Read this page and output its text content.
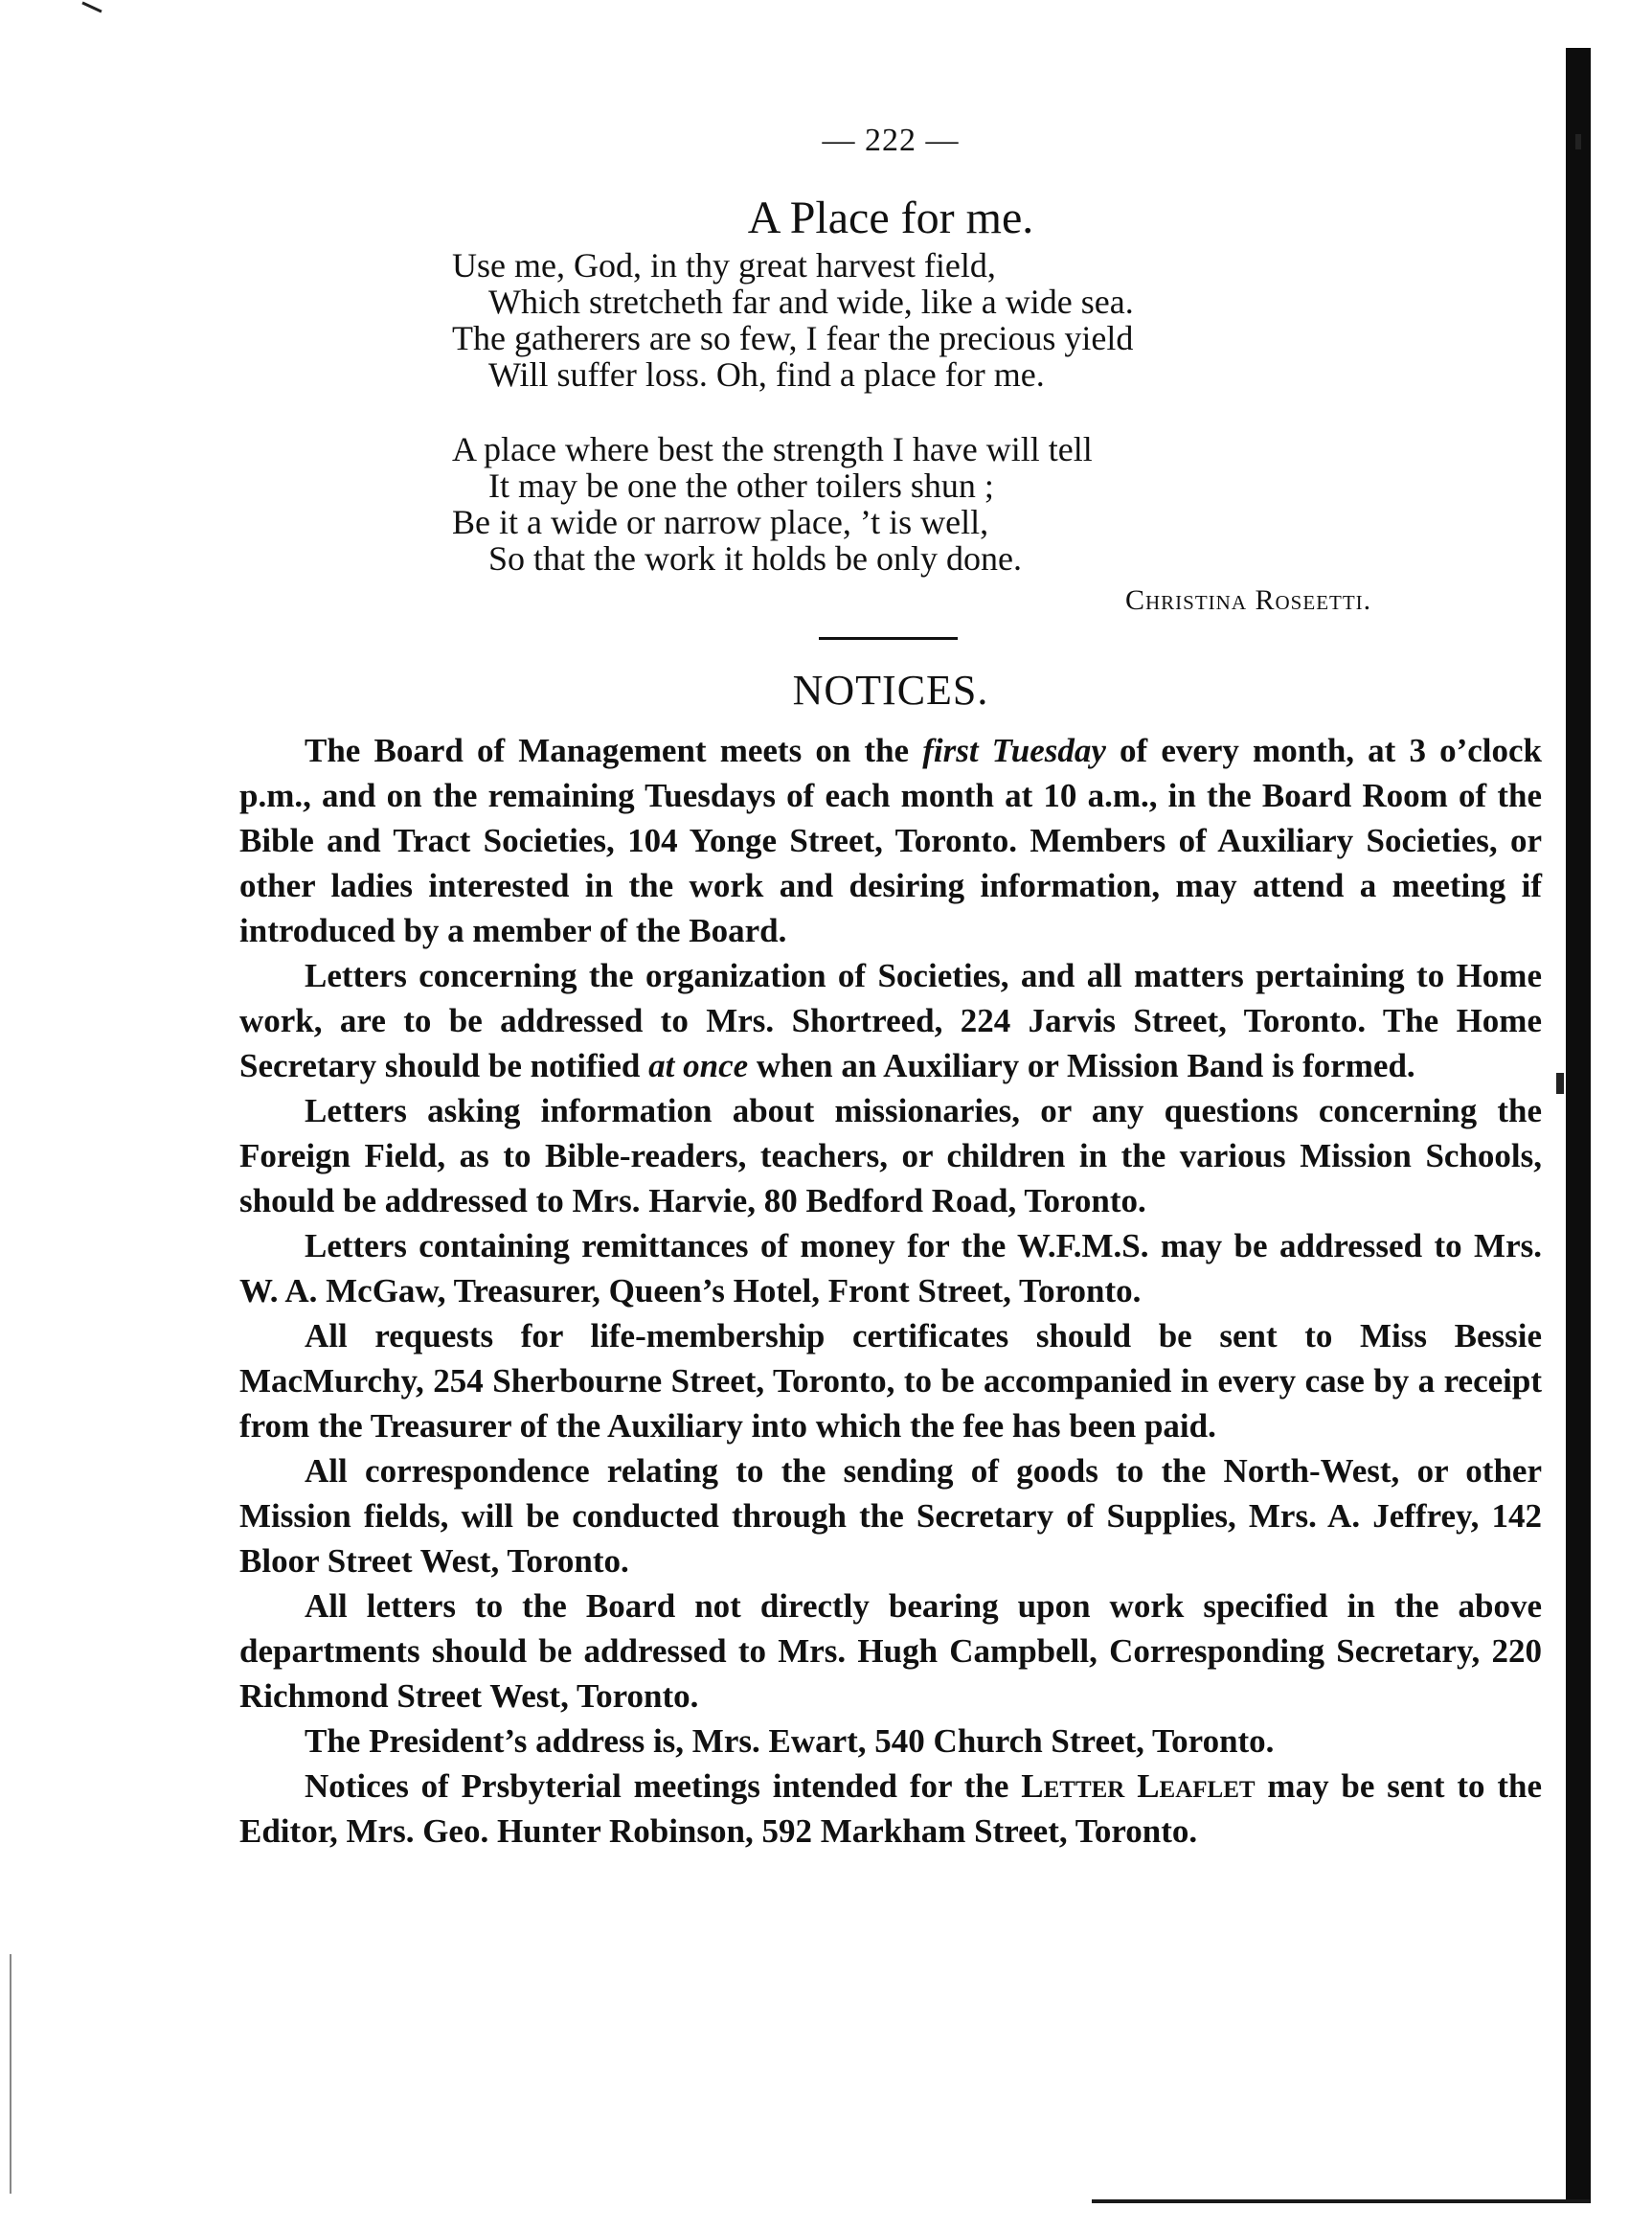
— 222 —
A Place for me.
Use me, God, in thy great harvest field,
Which stretcheth far and wide, like a wide sea.
The gatherers are so few, I fear the precious yield
Will suffer loss. Oh, find a place for me.
A place where best the strength I have will tell
It may be one the other toilers shun ;
Be it a wide or narrow place, ’t is well,
So that the work it holds be only done.
Christina Roseetti.
NOTICES.

The Board of Management meets on the first Tuesday of every month, at 3 o’clock p.m., and on the remaining Tuesdays of each month at 10 a.m., in the Board Room of the Bible and Tract Societies, 104 Yonge Street, Toronto. Members of Auxiliary Societies, or other ladies interested in the work and desiring information, may attend a meeting if introduced by a member of the Board.

Letters concerning the organization of Societies, and all matters pertaining to Home work, are to be addressed to Mrs. Shortreed, 224 Jarvis Street, Toronto. The Home Secretary should be notified at once when an Auxiliary or Mission Band is formed.

Letters asking information about missionaries, or any questions concerning the Foreign Field, as to Bible-readers, teachers, or children in the various Mission Schools, should be addressed to Mrs. Harvie, 80 Bedford Road, Toronto.

Letters containing remittances of money for the W.F.M.S. may be addressed to Mrs. W. A. McGaw, Treasurer, Queen’s Hotel, Front Street, Toronto.

All requests for life-membership certificates should be sent to Miss Bessie MacMurchy, 254 Sherbourne Street, Toronto, to be accompanied in every case by a receipt from the Treasurer of the Auxiliary into which the fee has been paid.

All correspondence relating to the sending of goods to the North-West, or other Mission fields, will be conducted through the Secretary of Supplies, Mrs. A. Jeffrey, 142 Bloor Street West, Toronto.

All letters to the Board not directly bearing upon work specified in the above departments should be addressed to Mrs. Hugh Campbell, Corresponding Secretary, 220 Richmond Street West, Toronto.

The President’s address is, Mrs. Ewart, 540 Church Street, Toronto.

Notices of Prsbyterial meetings intended for the Letter Leaflet may be sent to the Editor, Mrs. Geo. Hunter Robinson, 592 Markham Street, Toronto.
